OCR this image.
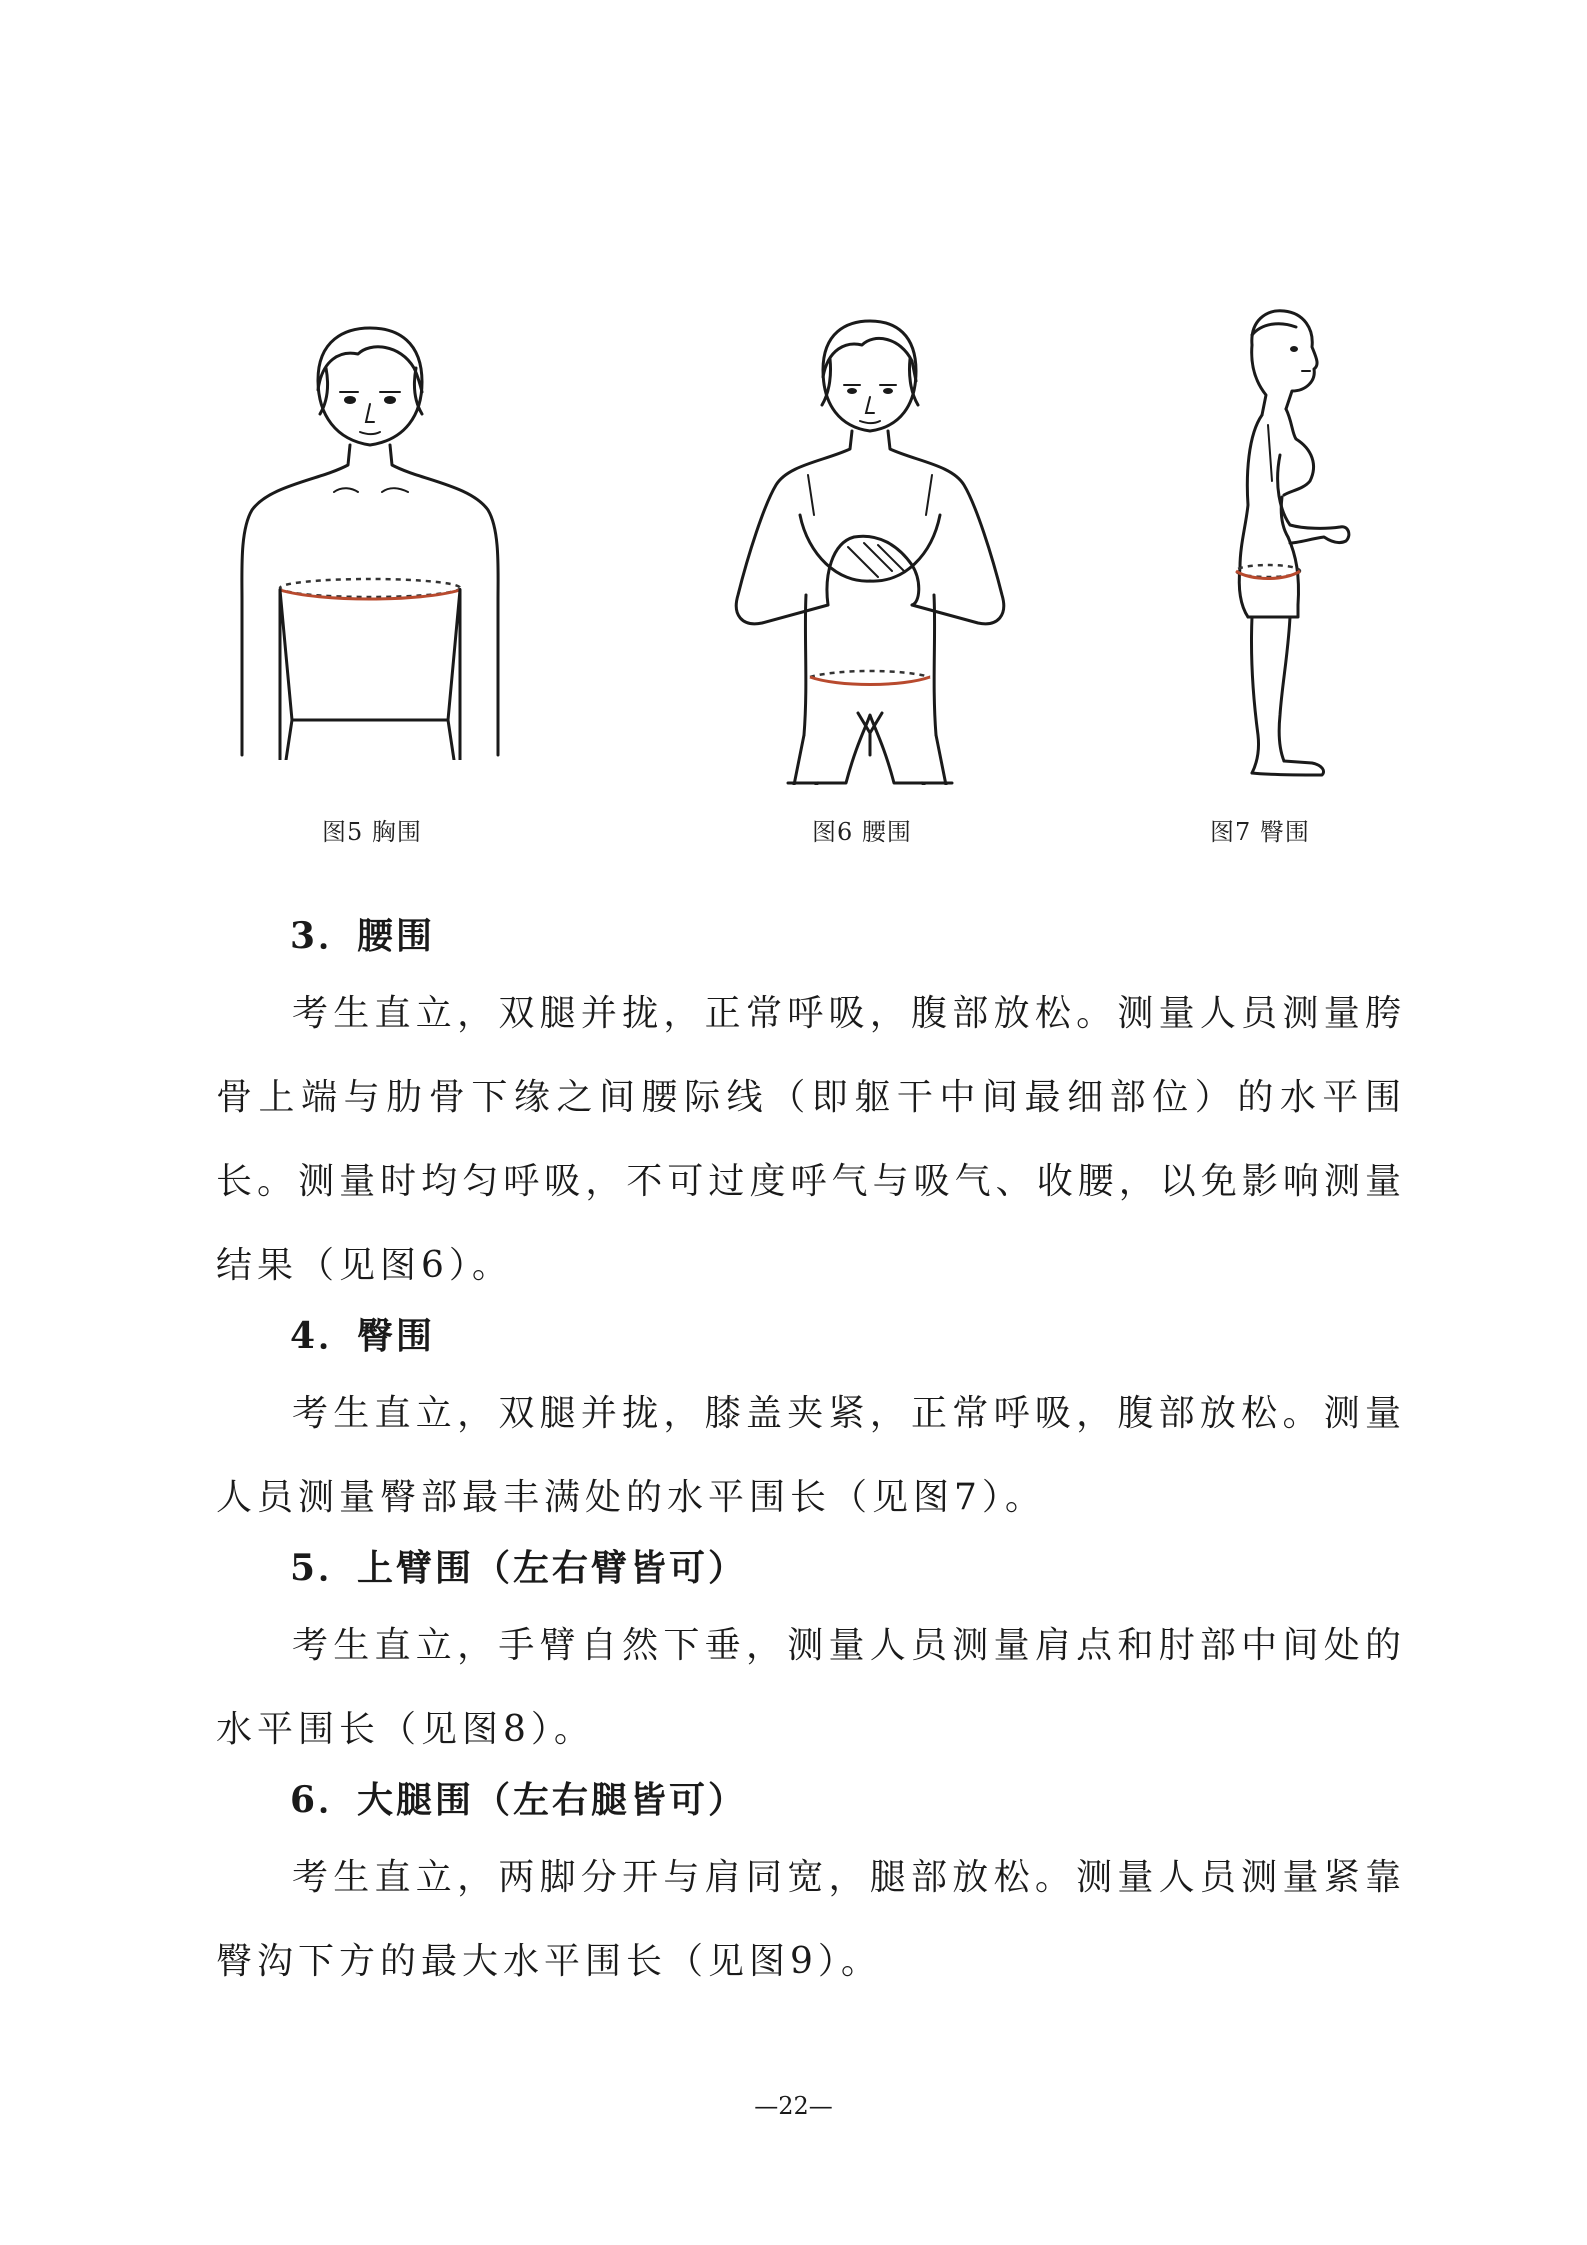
图5 胸围	图6 腰围	图7 臀围
3．腰围
考生直立，双腿并拢，正常呼吸，腹部放松。测量人员测量胯骨上端与肋骨下缘之间腰际线（即躯干中间最细部位）的水平围长。测量时均匀呼吸，不可过度呼气与吸气、收腰，以免影响测量结果（见图6）。
4．臀围
考生直立，双腿并拢，膝盖夹紧，正常呼吸，腹部放松。测量人员测量臀部最丰满处的水平围长（见图7）。
5．上臂围（左右臂皆可）
考生直立，手臂自然下垂，测量人员测量肩点和肘部中间处的水平围长（见图8）。
6．大腿围（左右腿皆可）
考生直立，两脚分开与肩同宽，腿部放松。测量人员测量紧靠臀沟下方的最大水平围长（见图9）。
—22—
